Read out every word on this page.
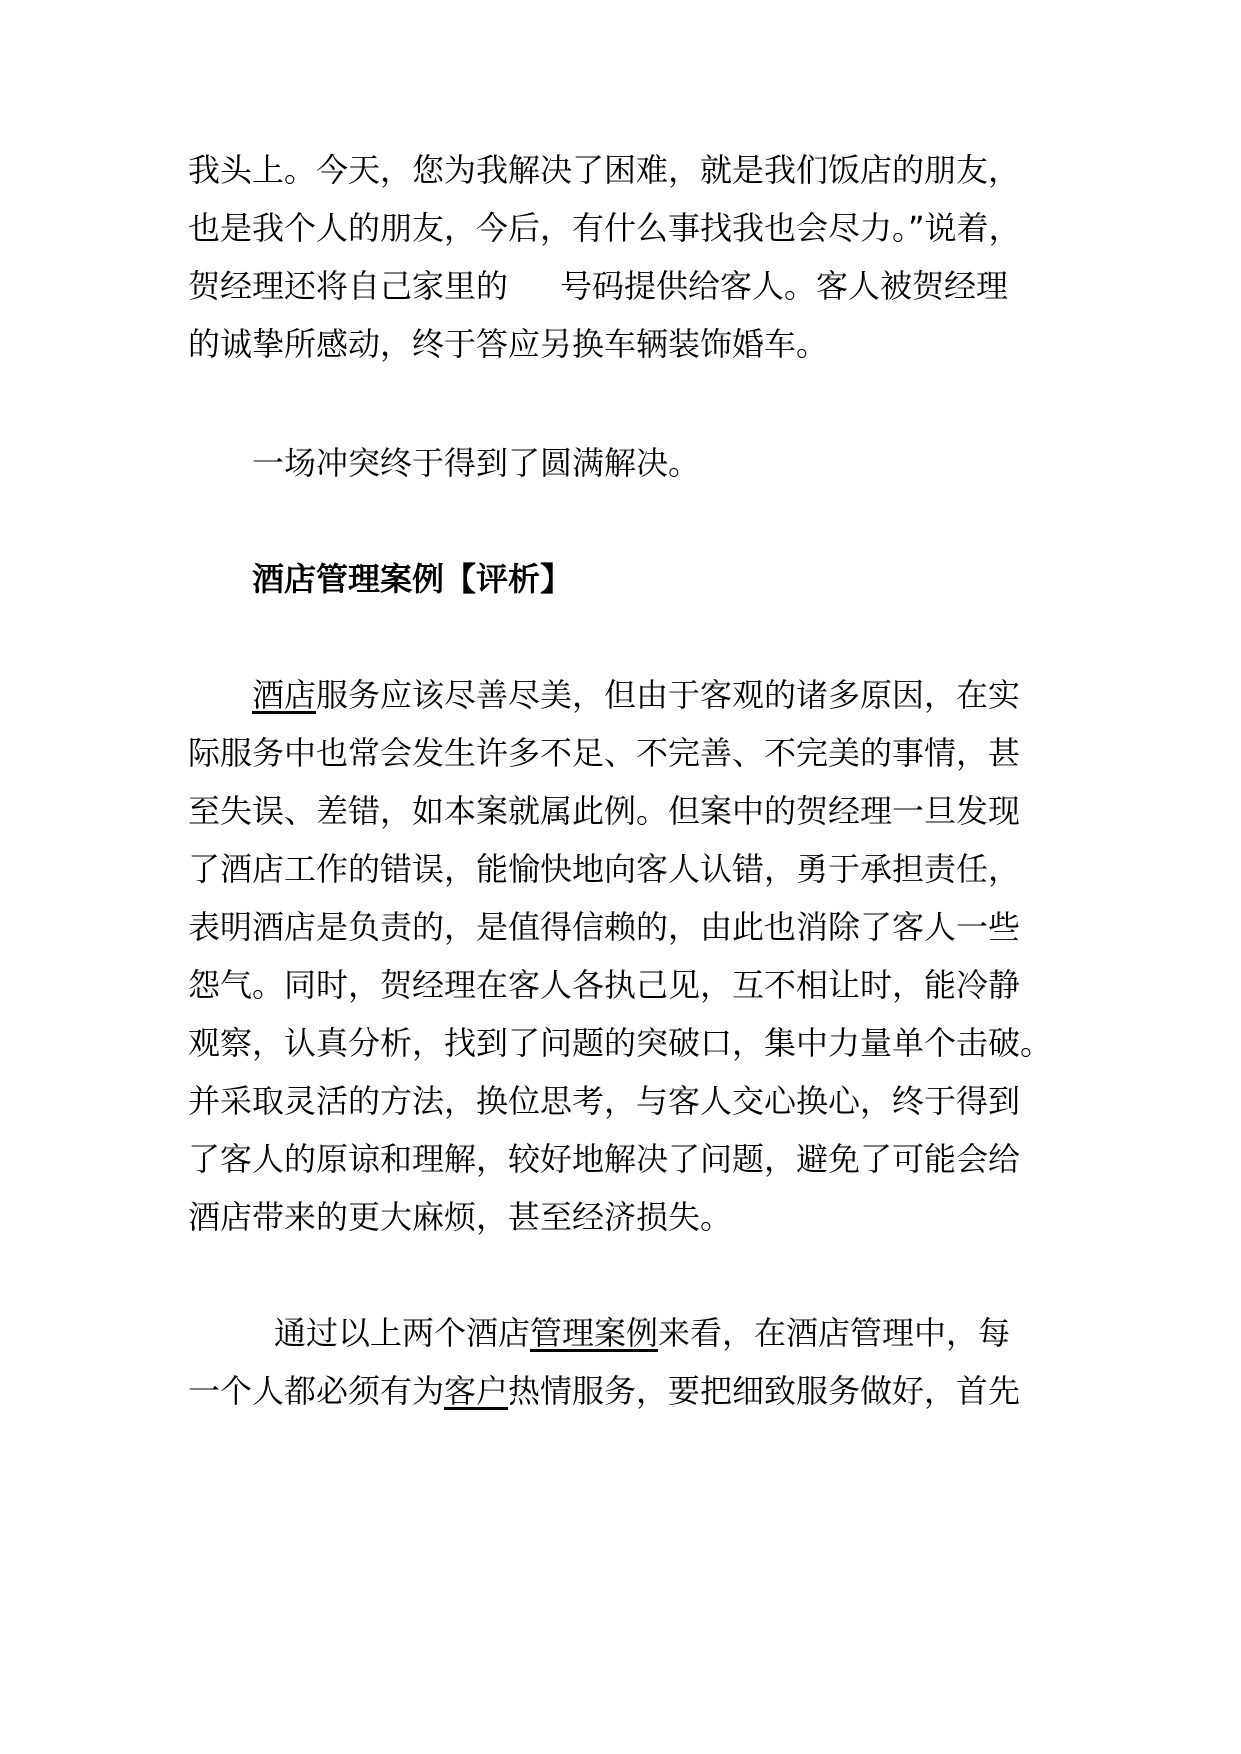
我头上。今天，您为我解决了困难，就是我们饭店的朋友，
也是我个人的朋友，今后，有什么事找我也会尽力。”说着，
贺经理还将自己家里的 号码提供给客人。客人被贺经理
的诚挚所感动，终于答应另换车辆装饰婚车。
一场冲突终于得到了圆满解决。
酒店管理案例【评析】
酒店服务应该尽善尽美，但由于客观的诸多原因，在实
际服务中也常会发生许多不足、不完善、不完美的事情，甚
至失误、差错，如本案就属此例。但案中的贺经理一旦发现
了酒店工作的错误，能愉快地向客人认错，勇于承担责任，
表明酒店是负责的，是值得信赖的，由此也消除了客人一些
怨气。同时，贺经理在客人各执己见，互不相让时，能冷静
观察，认真分析，找到了问题的突破口，集中力量单个击破。
并采取灵活的方法，换位思考，与客人交心换心，终于得到
了客人的原谅和理解，较好地解决了问题，避免了可能会给
酒店带来的更大麻烦，甚至经济损失。
通过以上两个酒店管理案例来看，在酒店管理中，每
一个人都必须有为客户热情服务，要把细致服务做好，首先
